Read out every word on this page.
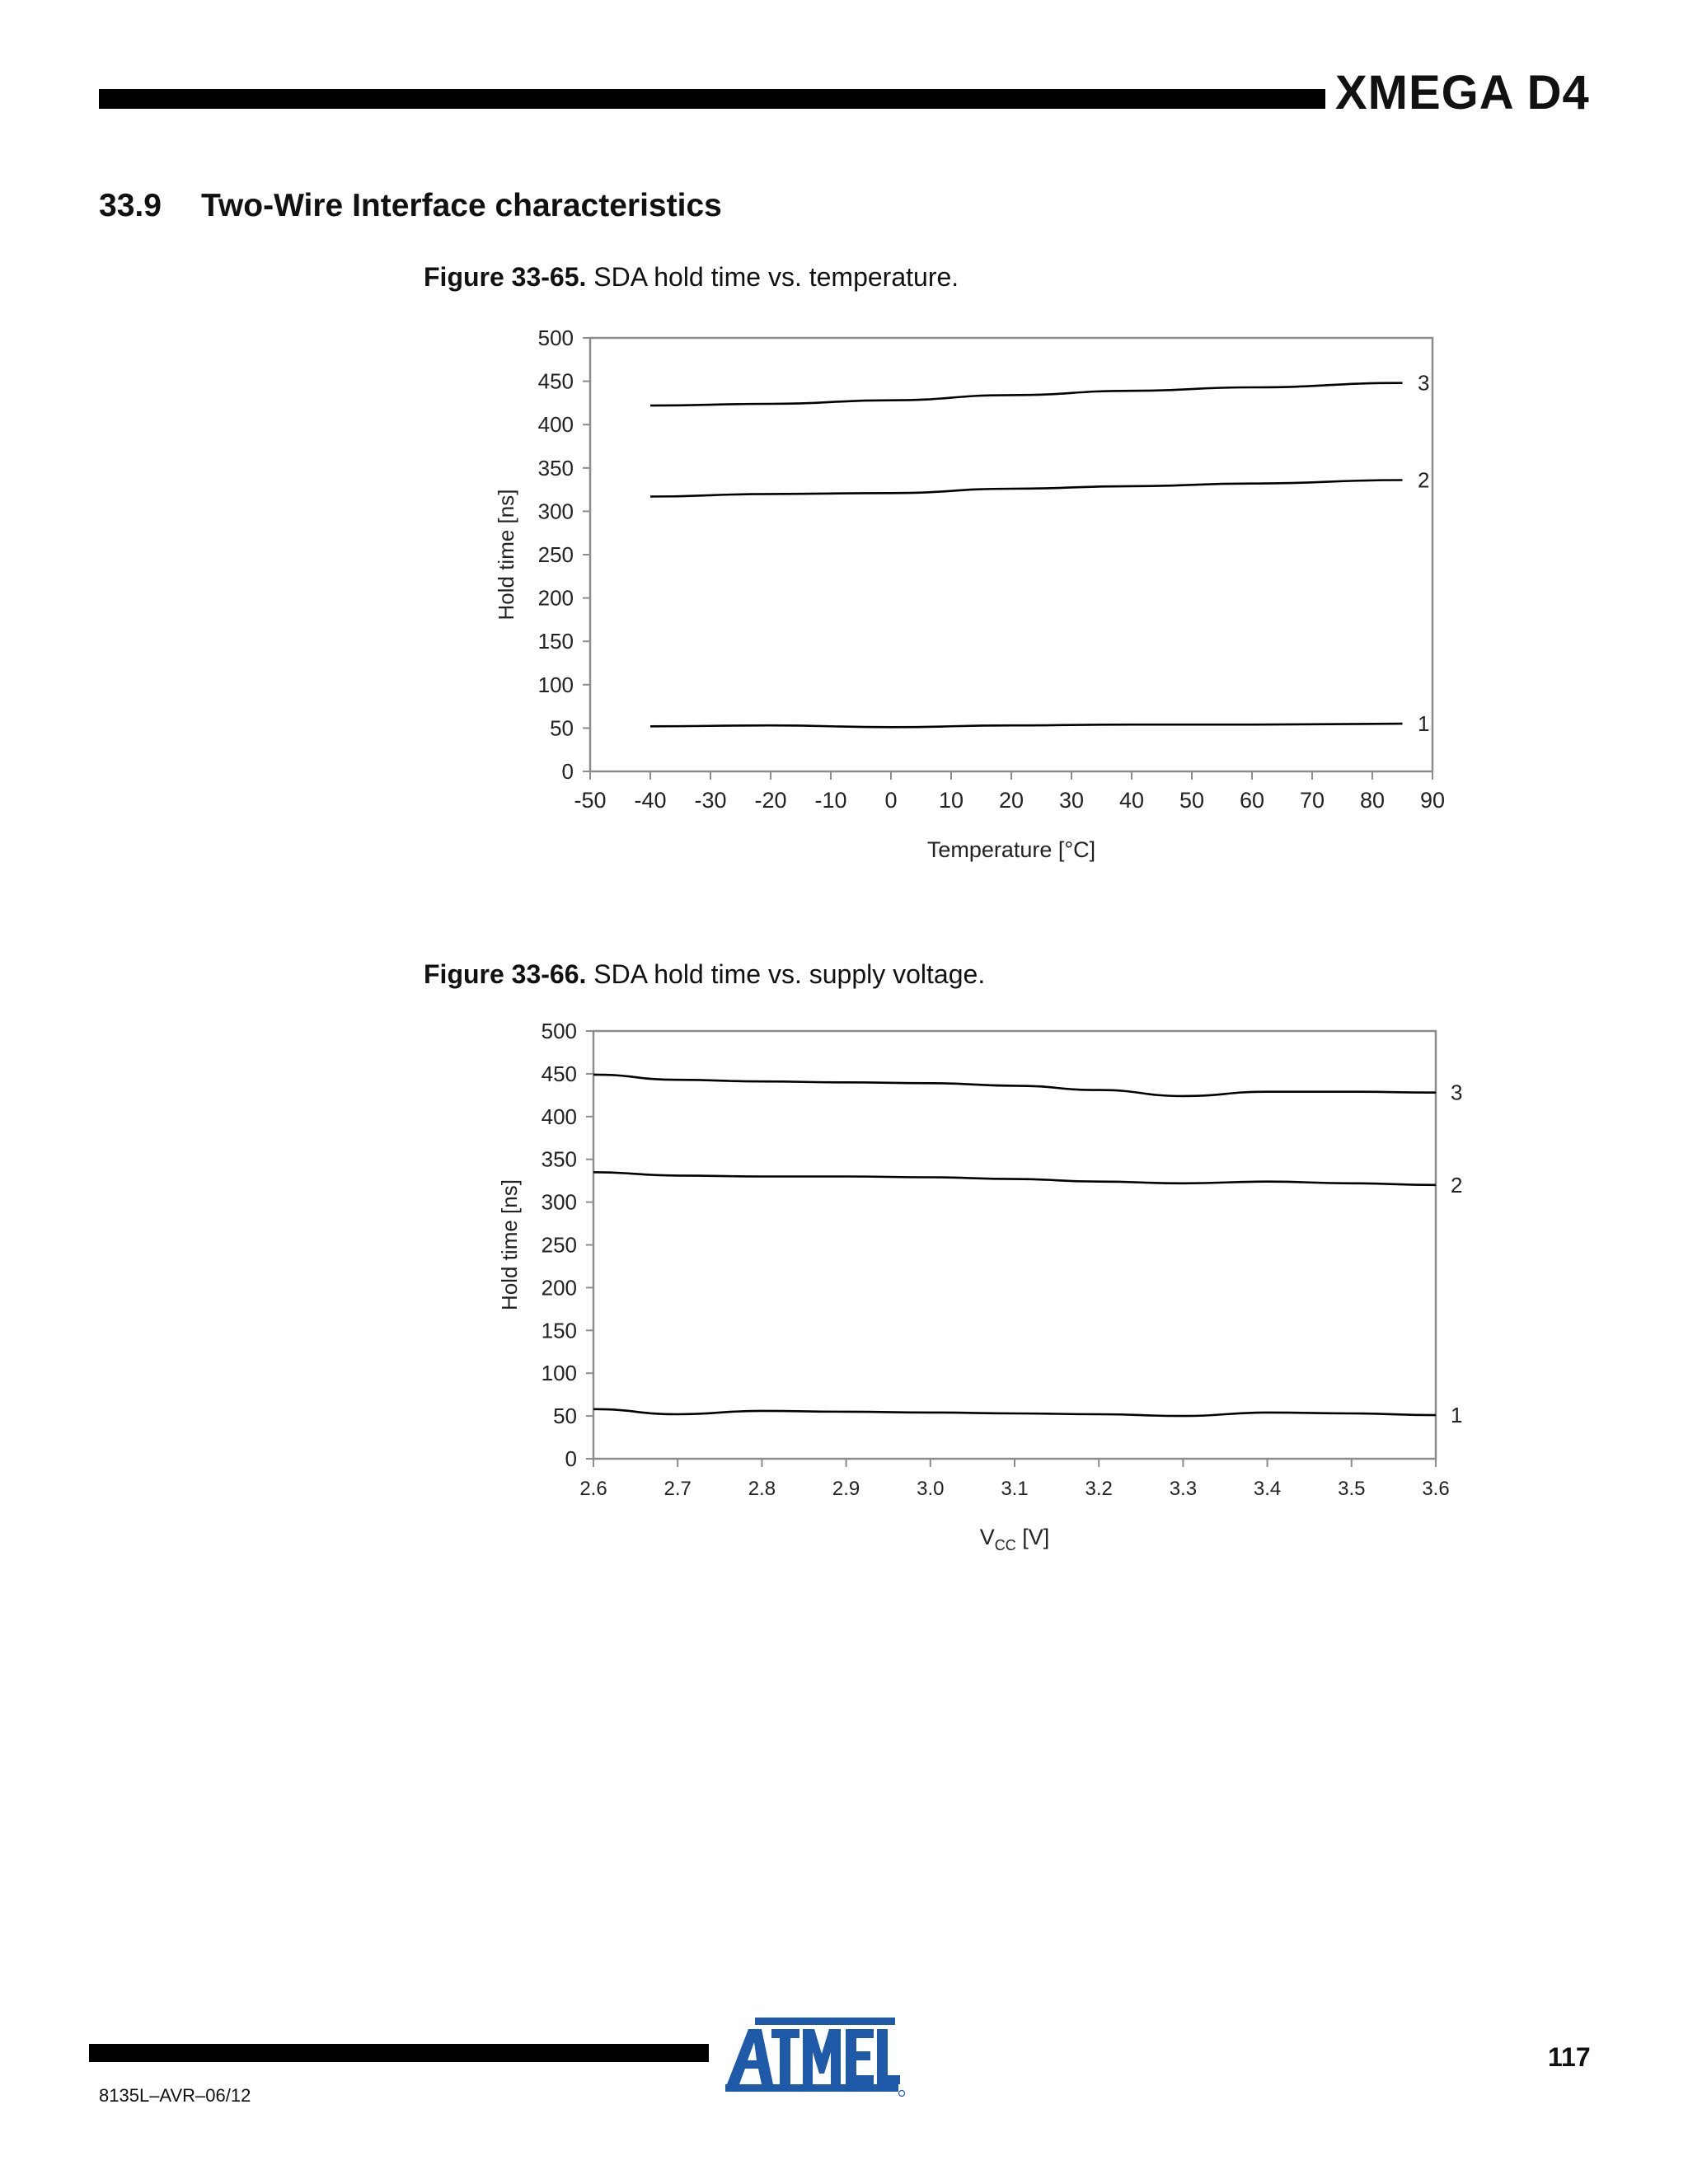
XMEGA D4
33.9 Two-Wire Interface characteristics
Figure 33-65. SDA hold time vs. temperature.
0
50
100
150
200
250
300
350
400
450
500
-50 -40 -30 -20 -10 0 10 20 30 40 50 60 70 80 90
Hold time [ns]
Temperature [°C]
3
2
1
Figure 33-66. SDA hold time vs. supply voltage.
0
50
100
150
200
250
300
350
400
450
500
2.6	2.7	2.8	2.9	3.0	3.1	3.2	3.3	3.4	3.5	3.6
Hold time [ns]
$V_{CC}$ [V]
3
2
1
8135L–AVR–06/12
117
